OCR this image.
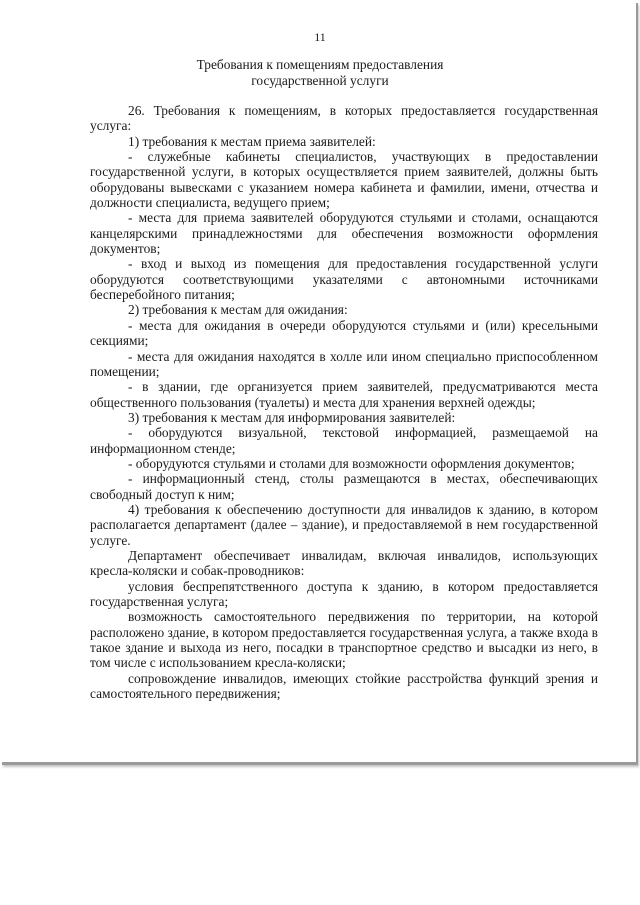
11
Требования к помещениям предоставления
государственной услуги

26. Требования к помещениям, в которых предоставляется государственная услуга:

1) требования к местам приема заявителей:

- служебные кабинеты специалистов, участвующих в предоставлении государственной услуги, в которых осуществляется прием заявителей, должны быть оборудованы вывесками с указанием номера кабинета и фамилии, имени, отчества и должности специалиста, ведущего прием;

- места для приема заявителей оборудуются стульями и столами, оснащаются канцелярскими принадлежностями для обеспечения возможности оформления документов;

- вход и выход из помещения для предоставления государственной услуги оборудуются соответствующими указателями с автономными источниками бесперебойного питания;

2) требования к местам для ожидания:

- места для ожидания в очереди оборудуются стульями и (или) кресельными секциями;

- места для ожидания находятся в холле или ином специально приспособленном помещении;

- в здании, где организуется прием заявителей, предусматриваются места общественного пользования (туалеты) и места для хранения верхней одежды;

3) требования к местам для информирования заявителей:

- оборудуются визуальной, текстовой информацией, размещаемой на информационном стенде;

- оборудуются стульями и столами для возможности оформления документов;

- информационный стенд, столы размещаются в местах, обеспечивающих свободный доступ к ним;

4) требования к обеспечению доступности для инвалидов к зданию, в котором располагается департамент (далее – здание), и предоставляемой в нем государственной услуге.

Департамент обеспечивает инвалидам, включая инвалидов, использующих кресла-коляски и собак-проводников:

условия беспрепятственного доступа к зданию, в котором предоставляется государственная услуга;

возможность самостоятельного передвижения по территории, на которой расположено здание, в котором предоставляется государственная услуга, а также входа в такое здание и выхода из него, посадки в транспортное средство и высадки из него, в том числе с использованием кресла-коляски;

сопровождение инвалидов, имеющих стойкие расстройства функций зрения и самостоятельного передвижения;
